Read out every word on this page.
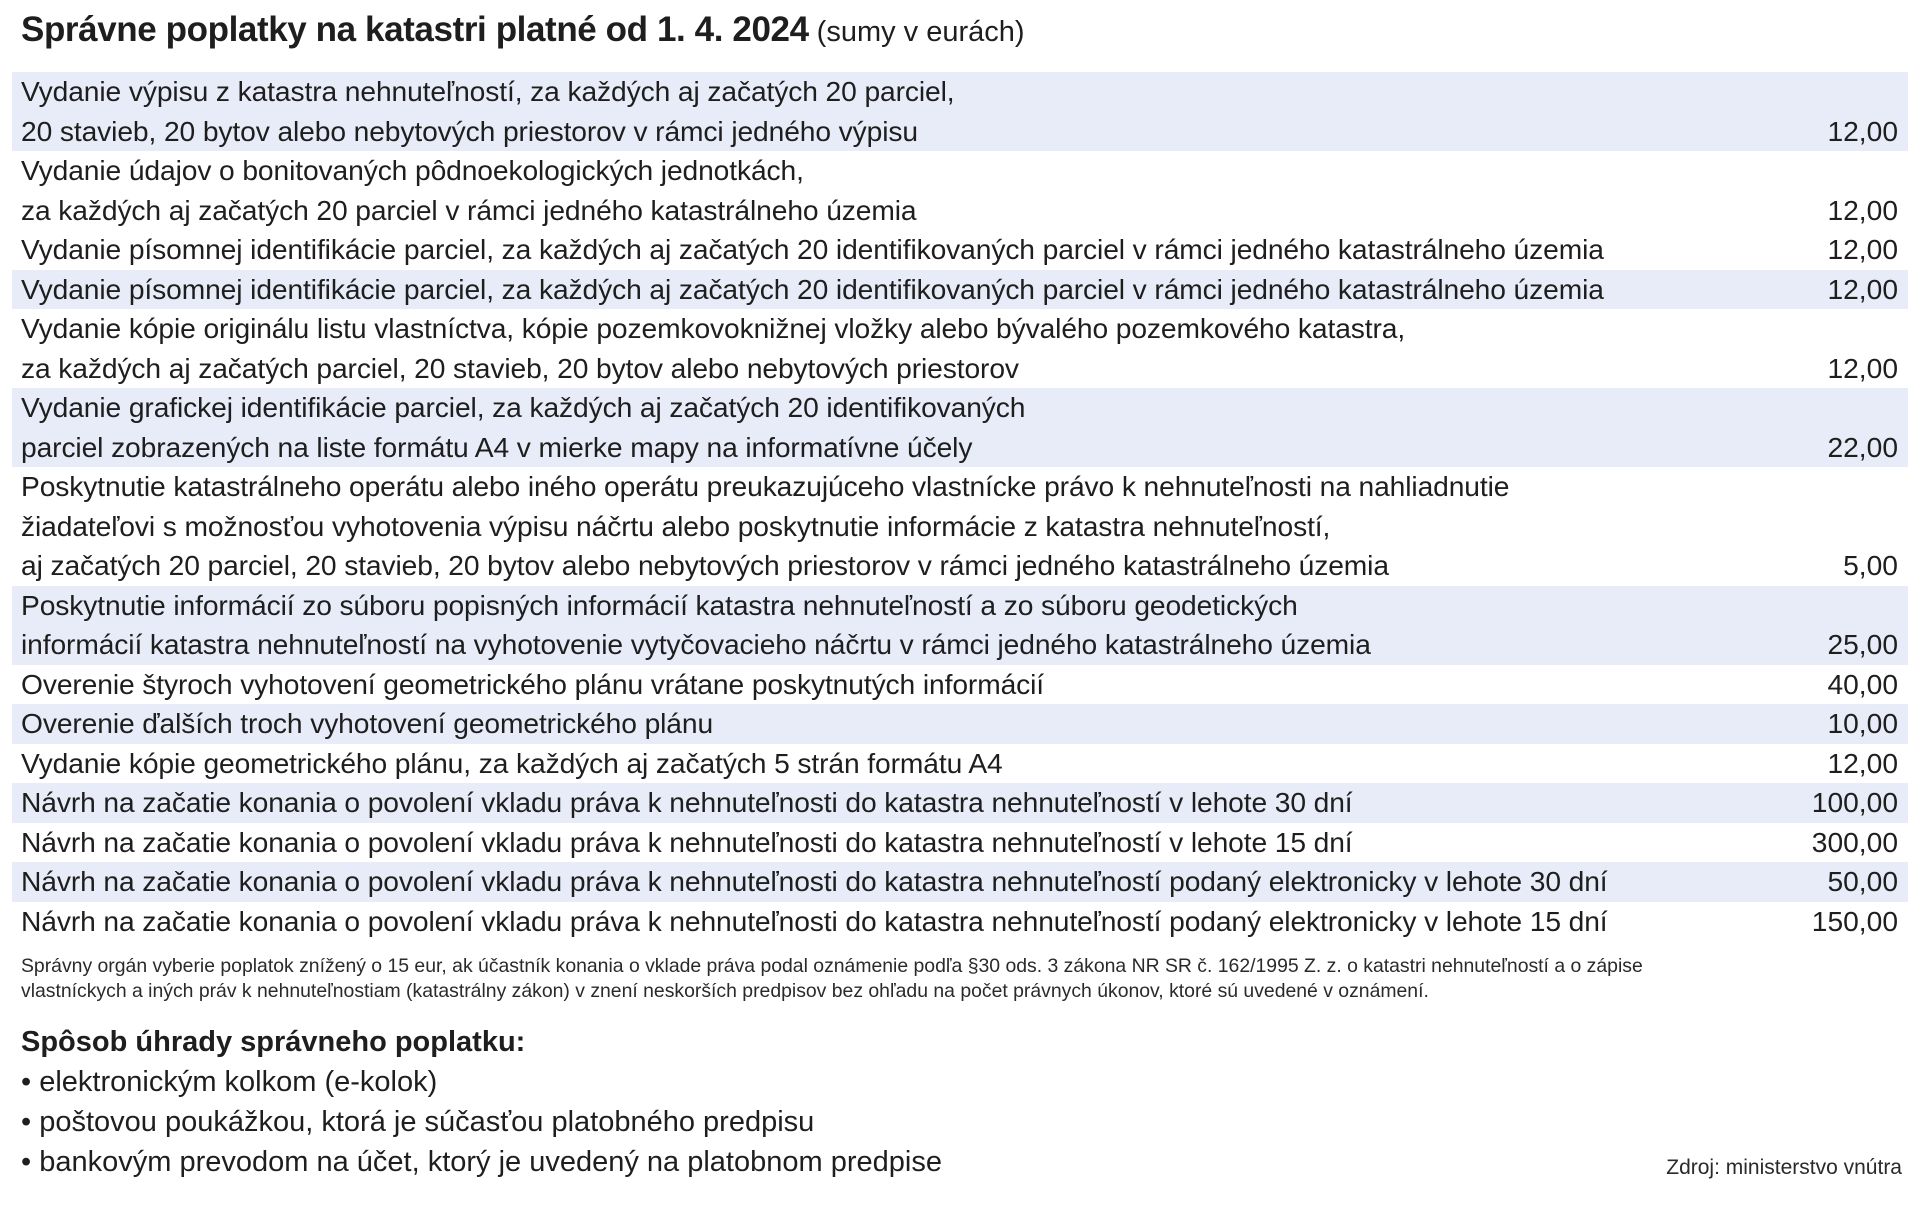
Správne poplatky na katastri platné od 1. 4. 2024 (sumy v eurách)
Vydanie výpisu z katastra nehnuteľností, za každých aj začatých 20 parciel,
20 stavieb, 20 bytov alebo nebytových priestorov v rámci jedného výpisu	12,00
Vydanie údajov o bonitovaných pôdnoekologických jednotkách,
za každých aj začatých 20 parciel v rámci jedného katastrálneho územia	12,00
Vydanie písomnej identifikácie parciel, za každých aj začatých 20 identifikovaných parciel v rámci jedného katastrálneho územia	12,00
Vydanie písomnej identifikácie parciel, za každých aj začatých 20 identifikovaných parciel v rámci jedného katastrálneho územia	12,00
Vydanie kópie originálu listu vlastníctva, kópie pozemkovoknižnej vložky alebo bývalého pozemkového katastra,
za každých aj začatých parciel, 20 stavieb, 20 bytov alebo nebytových priestorov	12,00
Vydanie grafickej identifikácie parciel, za každých aj začatých 20 identifikovaných
parciel zobrazených na liste formátu A4 v mierke mapy na informatívne účely	22,00
Poskytnutie katastrálneho operátu alebo iného operátu preukazujúceho vlastnícke právo k nehnuteľnosti na nahliadnutie
žiadateľovi s možnosťou vyhotovenia výpisu náčrtu alebo poskytnutie informácie z katastra nehnuteľností,
aj začatých 20 parciel, 20 stavieb, 20 bytov alebo nebytových priestorov v rámci jedného katastrálneho územia	5,00
Poskytnutie informácií zo súboru popisných informácií katastra nehnuteľností a zo súboru geodetických
informácií katastra nehnuteľností na vyhotovenie vytyčovacieho náčrtu v rámci jedného katastrálneho územia	25,00
Overenie štyroch vyhotovení geometrického plánu vrátane poskytnutých informácií	40,00
Overenie ďalších troch vyhotovení geometrického plánu	10,00
Vydanie kópie geometrického plánu, za každých aj začatých 5 strán formátu A4	12,00
Návrh na začatie konania o povolení vkladu práva k nehnuteľnosti do katastra nehnuteľností v lehote 30 dní	100,00
Návrh na začatie konania o povolení vkladu práva k nehnuteľnosti do katastra nehnuteľností v lehote 15 dní	300,00
Návrh na začatie konania o povolení vkladu práva k nehnuteľnosti do katastra nehnuteľností podaný elektronicky v lehote 30 dní	50,00
Návrh na začatie konania o povolení vkladu práva k nehnuteľnosti do katastra nehnuteľností podaný elektronicky v lehote 15 dní	150,00
Správny orgán vyberie poplatok znížený o 15 eur, ak účastník konania o vklade práva podal oznámenie podľa §30 ods. 3 zákona NR SR č. 162/1995 Z. z. o katastri nehnuteľností a o zápise
vlastníckych a iných práv k nehnuteľnostiam (katastrálny zákon) v znení neskorších predpisov bez ohľadu na počet právnych úkonov, ktoré sú uvedené v oznámení.
Spôsob úhrady správneho poplatku:
• elektronickým kolkom (e-kolok)
• poštovou poukážkou, ktorá je súčasťou platobného predpisu
• bankovým prevodom na účet, ktorý je uvedený na platobnom predpise	Zdroj: ministerstvo vnútra
